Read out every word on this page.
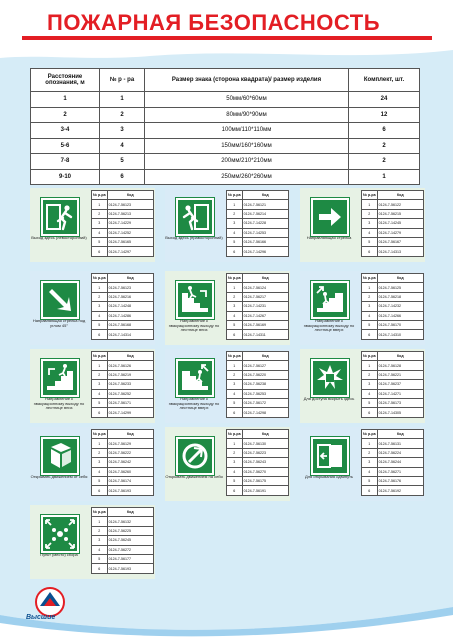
ПОЖАРНАЯ БЕЗОПАСНОСТЬ
Расстояние опознания, м	№ р - ра	Размер знака (сторона квадрата)/ размер изделия	Комплект, шт.
1	1	50мм/60*60мм	24
2	2	80мм/90*90мм	12
3-4	3	100мм/110*110мм	6
5-6	4	150мм/160*160мм	2
7-8	5	200мм/210*210мм	2
9-10	6	250мм/260*260мм	1
Выход здесь (левосторонний)
№ р-ра	Код
1	0124-7-56123
2	0124-7-56213
3	0124-7-14229
4	0124-7-14252
5	0124-7-56165
6	0124-7-14297
Выход здесь (правосторонний)
№ р-ра	Код
1	0124-7-56121
2	0124-7-56214
3	0124-7-14228
4	0124-7-14253
5	0124-7-56166
6	0124-7-14296
Направляющая стрелка
№ р-ра	Код
1	0124-7-56122
2	0124-7-56215
3	0124-7-14245
4	0124-7-14279
5	0124-7-56167
6	0124-7-14313
Направляющая стрелка под углом 45°
№ р-ра	Код
1	0124-7-56123
2	0124-7-56216
3	0124-7-14248
4	0124-7-14286
5	0124-7-56168
6	0124-7-14314
Направление к эвакуационному выходу по лестнице вниз
№ р-ра	Код
1	0124-7-56124
2	0124-7-56217
3	0124-7-14231
4	0124-7-14267
5	0124-7-56169
6	0124-7-14311
Направление к эвакуационному выходу по лестнице вверх
№ р-ра	Код
1	0124-7-56125
2	0124-7-56218
3	0124-7-14232
4	0124-7-14266
5	0124-7-56170
6	0124-7-14310
Направление к эвакуационному выходу по лестнице вниз
№ р-ра	Код
1	0124-7-56126
2	0124-7-56219
3	0124-7-56233
4	0124-7-56252
5	0124-7-56171
6	0124-7-14299
Направление к эвакуационному выходу по лестнице вверх
№ р-ра	Код
1	0124-7-56127
2	0124-7-56220
3	0124-7-56238
4	0124-7-56253
5	0124-7-56172
6	0124-7-14298
Для доступа вскрыть здесь
№ р-ра	Код
1	0124-7-56128
2	0124-7-56221
3	0124-7-56237
4	0124-7-14271
5	0124-7-56173
6	0124-7-14305
Открывать движением от себя
№ р-ра	Код
1	0124-7-56129
2	0124-7-56222
3	0124-7-56242
4	0124-7-56260
5	0124-7-56174
6	0124-7-56193
Открывать движением на себя
№ р-ра	Код
1	0124-7-56130
2	0124-7-56223
3	0124-7-56243
4	0124-7-56270
5	0124-7-56175
6	0124-7-56191
Для открывания сдвинуть
№ р-ра	Код
1	0124-7-56131
2	0124-7-56224
3	0124-7-56244
4	0124-7-56271
5	0124-7-56176
6	0124-7-56192
Пункт (место) сбора
№ р-ра	Код
1	0124-7-56132
2	0124-7-56225
3	0124-7-56245
4	0124-7-56272
5	0124-7-56177
6	0124-7-56193
Высшие
